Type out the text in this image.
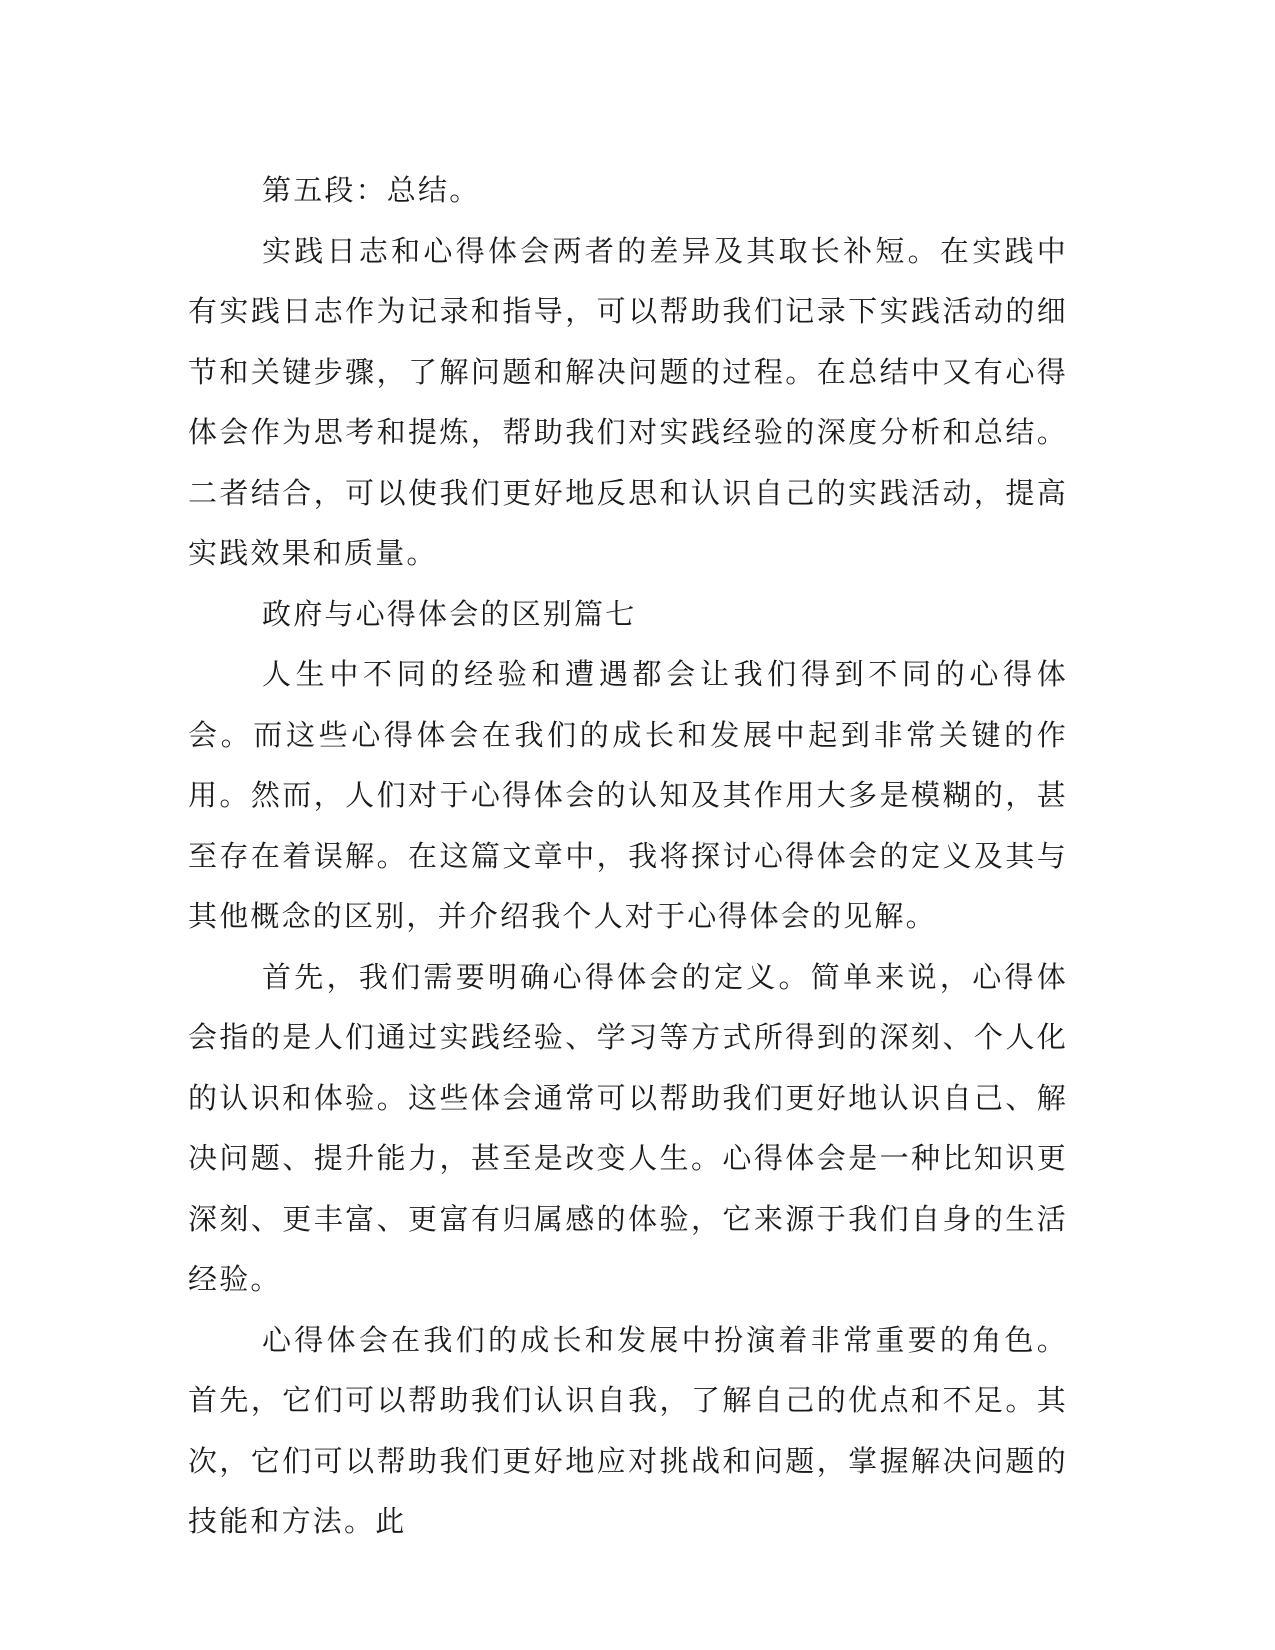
第五段：总结。

实践日志和心得体会两者的差异及其取长补短。在实践中有实践日志作为记录和指导，可以帮助我们记录下实践活动的细节和关键步骤，了解问题和解决问题的过程。在总结中又有心得体会作为思考和提炼，帮助我们对实践经验的深度分析和总结。二者结合，可以使我们更好地反思和认识自己的实践活动，提高实践效果和质量。

政府与心得体会的区别篇七

人生中不同的经验和遭遇都会让我们得到不同的心得体会。而这些心得体会在我们的成长和发展中起到非常关键的作用。然而，人们对于心得体会的认知及其作用大多是模糊的，甚至存在着误解。在这篇文章中，我将探讨心得体会的定义及其与其他概念的区别，并介绍我个人对于心得体会的见解。

首先，我们需要明确心得体会的定义。简单来说，心得体会指的是人们通过实践经验、学习等方式所得到的深刻、个人化的认识和体验。这些体会通常可以帮助我们更好地认识自己、解决问题、提升能力，甚至是改变人生。心得体会是一种比知识更深刻、更丰富、更富有归属感的体验，它来源于我们自身的生活经验。

心得体会在我们的成长和发展中扮演着非常重要的角色。首先，它们可以帮助我们认识自我，了解自己的优点和不足。其次，它们可以帮助我们更好地应对挑战和问题，掌握解决问题的技能和方法。此
